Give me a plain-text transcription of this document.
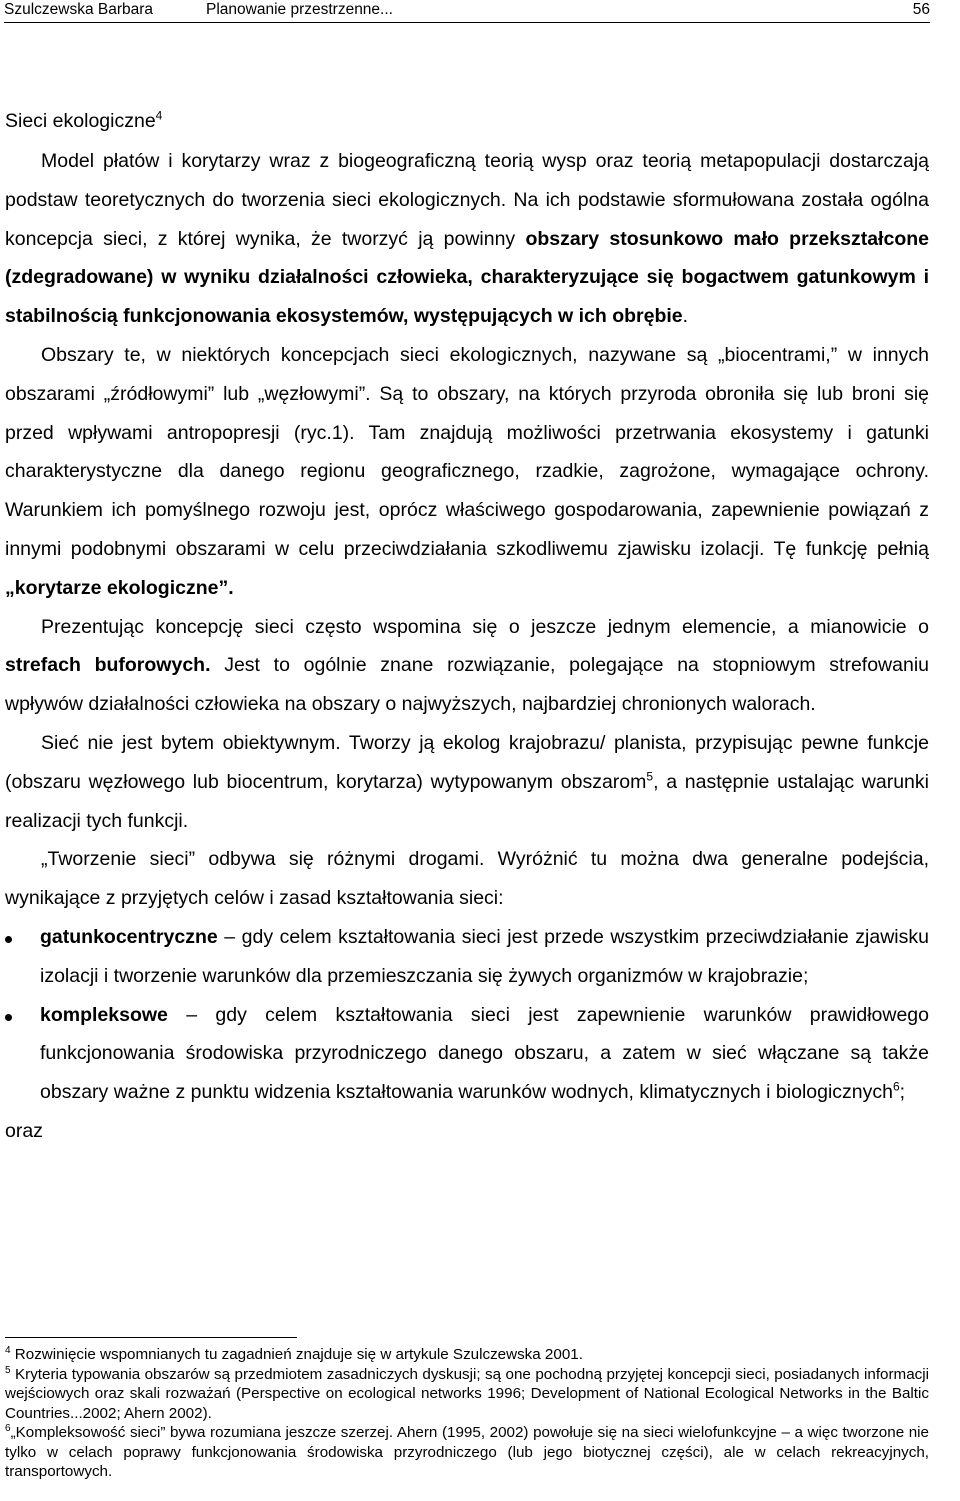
Szulczewska Barbara	Planowanie przestrzenne...	56

Sieci ekologiczne$^4$

Model płatów i korytarzy wraz z biogeograficzną teorią wysp oraz teorią metapopulacji dostarczają podstaw teoretycznych do tworzenia sieci ekologicznych. Na ich podstawie sformułowana została ogólna koncepcja sieci, z której wynika, że tworzyć ją powinny obszary stosunkowo mało przekształcone (zdegradowane) w wyniku działalności człowieka, charakteryzujące się bogactwem gatunkowym i stabilnością funkcjonowania ekosystemów, występujących w ich obrębie.

Obszary te, w niektórych koncepcjach sieci ekologicznych, nazywane są „biocentrami,” w innych obszarami „źródłowymi” lub „węzłowymi”. Są to obszary, na których przyroda obroniła się lub broni się przed wpływami antropopresji (ryc.1). Tam znajdują możliwości przetrwania ekosystemy i gatunki charakterystyczne dla danego regionu geograficznego, rzadkie, zagrożone, wymagające ochrony. Warunkiem ich pomyślnego rozwoju jest, oprócz właściwego gospodarowania, zapewnienie powiązań z innymi podobnymi obszarami w celu przeciwdziałania szkodliwemu zjawisku izolacji. Tę funkcję pełnią „korytarze ekologiczne”.

Prezentując koncepcję sieci często wspomina się o jeszcze jednym elemencie, a mianowicie o strefach buforowych. Jest to ogólnie znane rozwiązanie, polegające na stopniowym strefowaniu wpływów działalności człowieka na obszary o najwyższych, najbardziej chronionych walorach.

Sieć nie jest bytem obiektywnym. Tworzy ją ekolog krajobrazu/ planista, przypisując pewne funkcje (obszaru węzłowego lub biocentrum, korytarza) wytypowanym obszarom$^5$, a następnie ustalając warunki realizacji tych funkcji.

„Tworzenie sieci” odbywa się różnymi drogami. Wyróżnić tu można dwa generalne podejścia, wynikające z przyjętych celów i zasad kształtowania sieci:

gatunkocentryczne – gdy celem kształtowania sieci jest przede wszystkim przeciwdziałanie zjawisku izolacji i tworzenie warunków dla przemieszczania się żywych organizmów w krajobrazie;
kompleksowe – gdy celem kształtowania sieci jest zapewnienie warunków prawidłowego funkcjonowania środowiska przyrodniczego danego obszaru, a zatem w sieć włączane są także obszary ważne z punktu widzenia kształtowania warunków wodnych, klimatycznych i biologicznych$^6$;

oraz

$^4$ Rozwinięcie wspomnianych tu zagadnień znajduje się w artykule Szulczewska 2001.

$^5$ Kryteria typowania obszarów są przedmiotem zasadniczych dyskusji; są one pochodną przyjętej koncepcji sieci, posiadanych informacji wejściowych oraz skali rozważań (Perspective on ecological networks 1996; Development of National Ecological Networks in the Baltic Countries...2002; Ahern 2002).

$^6$„Kompleksowość sieci” bywa rozumiana jeszcze szerzej. Ahern (1995, 2002) powołuje się na sieci wielofunkcyjne – a więc tworzone nie tylko w celach poprawy funkcjonowania środowiska przyrodniczego (lub jego biotycznej części), ale w celach rekreacyjnych, transportowych.
